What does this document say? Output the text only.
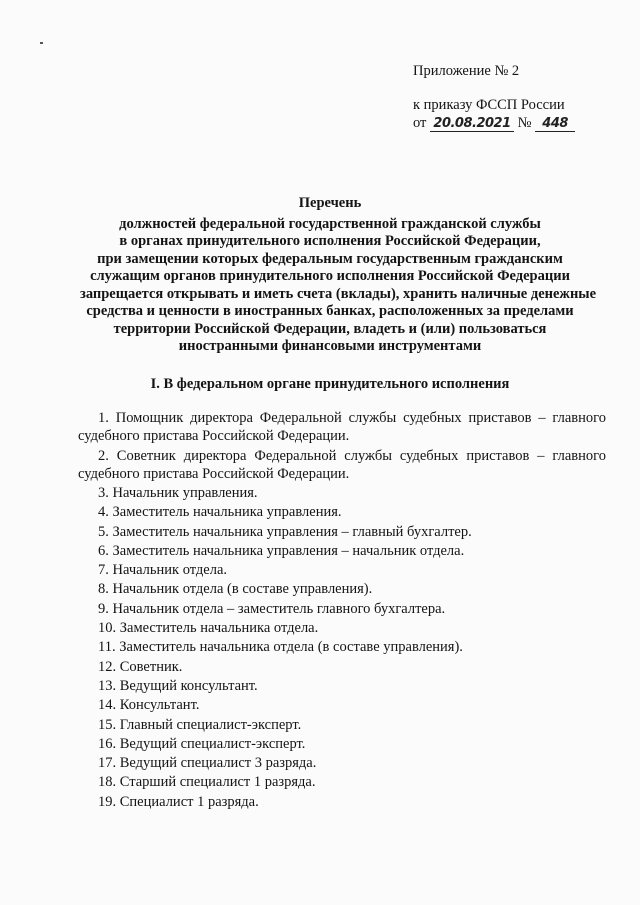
Приложение № 2
к приказу ФССП России
от 20.08.2021 № 448
Перечень
должностей федеральной государственной гражданской службы
в органах принудительного исполнения Российской Федерации,
при замещении которых федеральным государственным гражданским
служащим органов принудительного исполнения Российской Федерации
запрещается открывать и иметь счета (вклады), хранить наличные денежные
средства и ценности в иностранных банках, расположенных за пределами
территории Российской Федерации, владеть и (или) пользоваться
иностранными финансовыми инструментами
I. В федеральном органе принудительного исполнения

1. Помощник директора Федеральной службы судебных приставов – главного судебного пристава Российской Федерации.

2. Советник директора Федеральной службы судебных приставов – главного судебного пристава Российской Федерации.

3. Начальник управления.

4. Заместитель начальника управления.

5. Заместитель начальника управления – главный бухгалтер.

6. Заместитель начальника управления – начальник отдела.

7. Начальник отдела.

8. Начальник отдела (в составе управления).

9. Начальник отдела – заместитель главного бухгалтера.

10. Заместитель начальника отдела.

11. Заместитель начальника отдела (в составе управления).

12. Советник.

13. Ведущий консультант.

14. Консультант.

15. Главный специалист-эксперт.

16. Ведущий специалист-эксперт.

17. Ведущий специалист 3 разряда.

18. Старший специалист 1 разряда.

19. Специалист 1 разряда.
